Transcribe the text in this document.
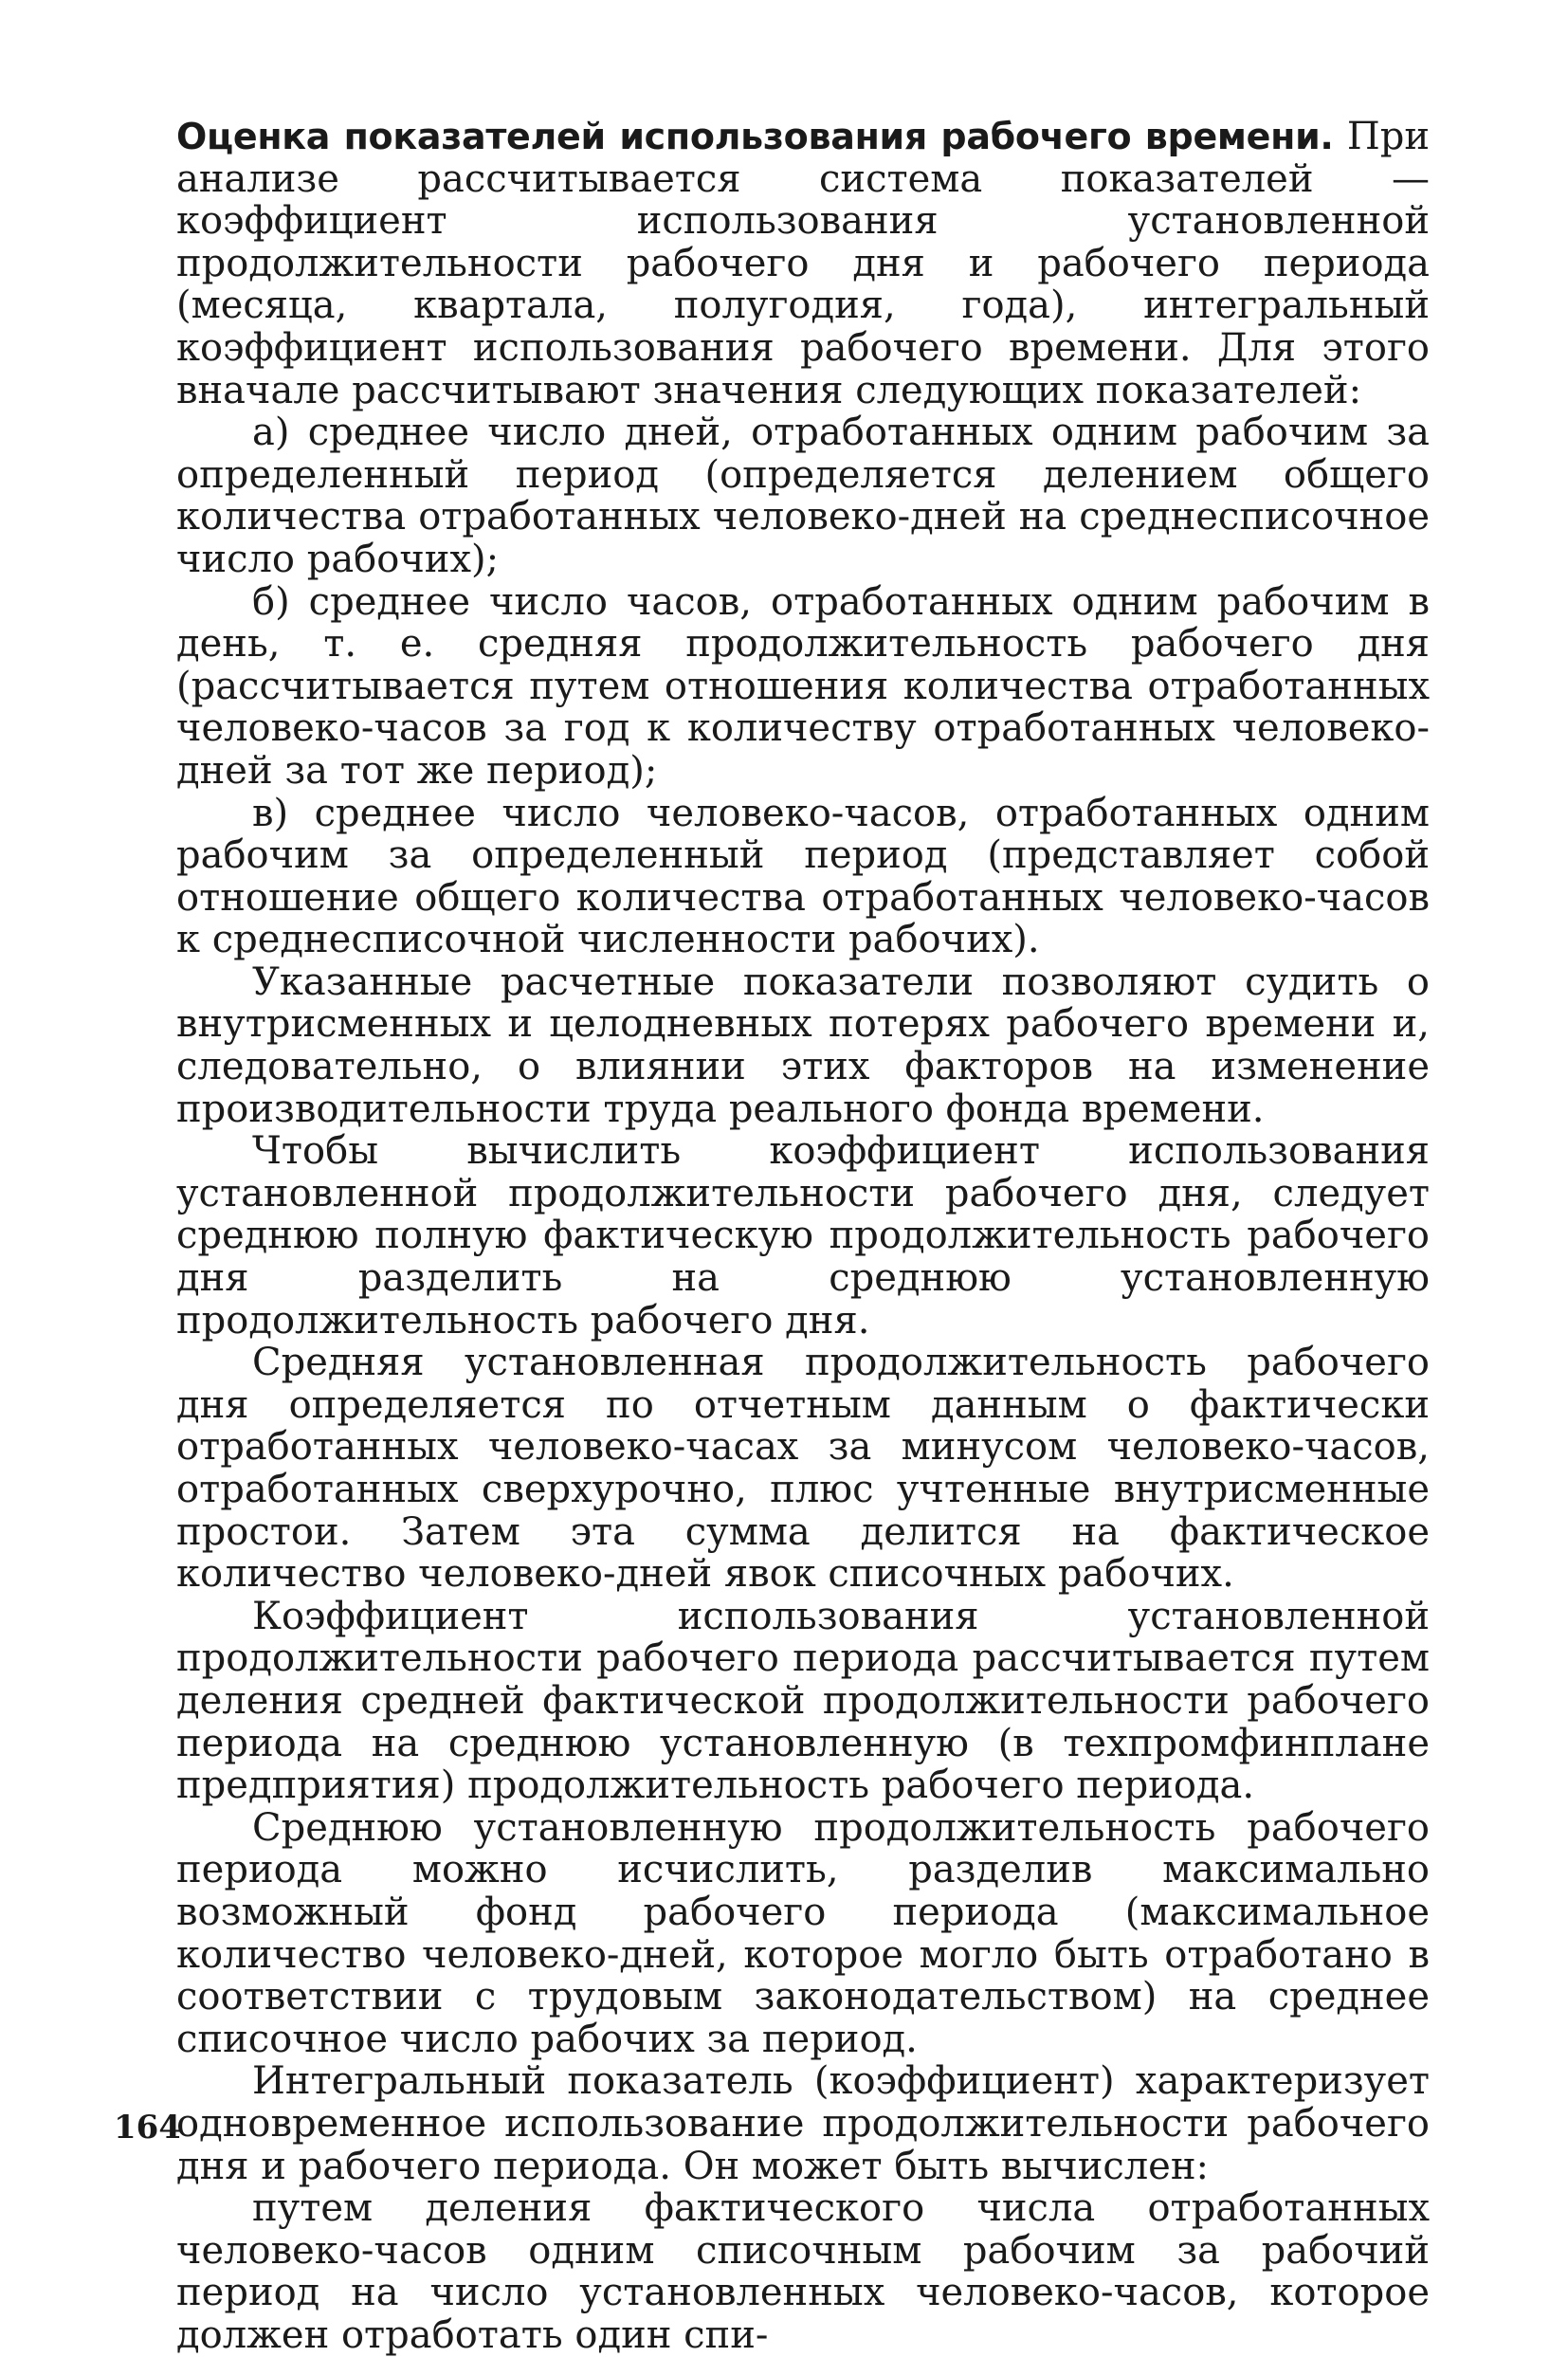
Оценка показателей использования рабочего времени. При анализе рассчитывается система показателей — коэффициент использования установленной продолжительности рабочего дня и рабочего периода (месяца, квартала, полугодия, года), интегральный коэффициент использования рабочего времени. Для этого вначале рассчитывают значения следующих показателей:

а) среднее число дней, отработанных одним рабочим за определенный период (определяется делением общего количества отработанных человеко-дней на среднесписочное число рабочих);

б) среднее число часов, отработанных одним рабочим в день, т. е. средняя продолжительность рабочего дня (рассчитывается путем отношения количества отработанных человеко-часов за год к количеству отработанных человеко-дней за тот же период);

в) среднее число человеко-часов, отработанных одним рабочим за определенный период (представляет собой отношение общего количества отработанных человеко-часов к среднесписочной численности рабочих).

Указанные расчетные показатели позволяют судить о внутрисменных и целодневных потерях рабочего времени и, следовательно, о влиянии этих факторов на изменение производительности труда реального фонда времени.

Чтобы вычислить коэффициент использования установленной продолжительности рабочего дня, следует среднюю полную фактическую продолжительность рабочего дня разделить на среднюю установленную продолжительность рабочего дня.

Средняя установленная продолжительность рабочего дня определяется по отчетным данным о фактически отработанных человеко-часах за минусом человеко-часов, отработанных сверхурочно, плюс учтенные внутрисменные простои. Затем эта сумма делится на фактическое количество человеко-дней явок списочных рабочих.

Коэффициент использования установленной продолжительности рабочего периода рассчитывается путем деления средней фактической продолжительности рабочего периода на среднюю установленную (в техпромфинплане предприятия) продолжительность рабочего периода.

Среднюю установленную продолжительность рабочего периода можно исчислить, разделив максимально возможный фонд рабочего периода (максимальное количество человеко-дней, которое могло быть отработано в соответствии с трудовым законодательством) на среднее списочное число рабочих за период.

Интегральный показатель (коэффициент) характеризует одновременное использование продолжительности рабочего дня и рабочего периода. Он может быть вычислен:

путем деления фактического числа отработанных человеко-часов одним списочным рабочим за рабочий период на число установленных человеко-часов, которое должен отработать один спи-

164
